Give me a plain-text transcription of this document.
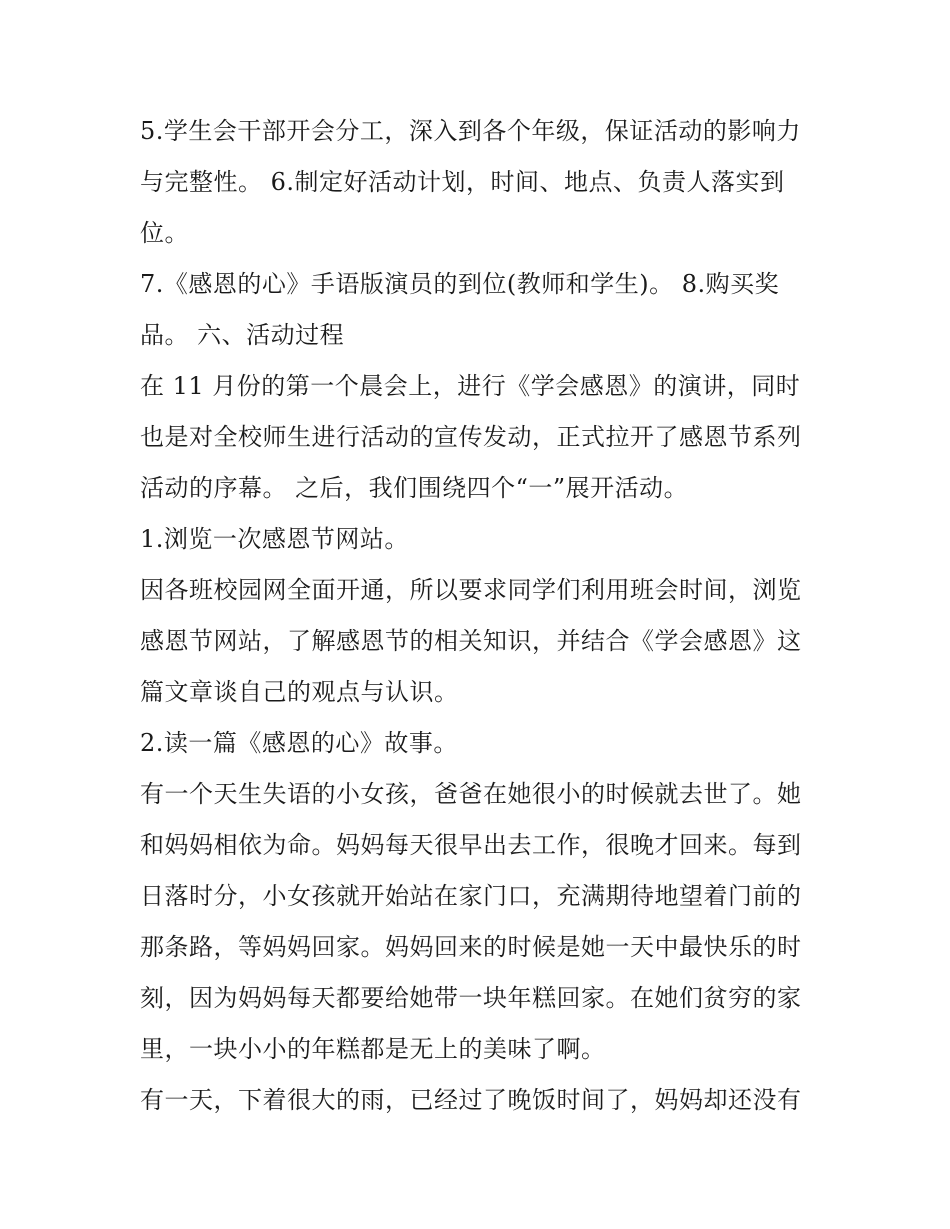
5.学生会干部开会分工，深入到各个年级，保证活动的影响力
与完整性。 6.制定好活动计划，时间、地点、负责人落实到
位。
7.《感恩的心》手语版演员的到位(教师和学生)。 8.购买奖
品。 六、活动过程
在 11 月份的第一个晨会上，进行《学会感恩》的演讲，同时
也是对全校师生进行活动的宣传发动，正式拉开了感恩节系列
活动的序幕。 之后，我们围绕四个“一”展开活动。
1.浏览一次感恩节网站。
因各班校园网全面开通，所以要求同学们利用班会时间，浏览
感恩节网站，了解感恩节的相关知识，并结合《学会感恩》这
篇文章谈自己的观点与认识。
2.读一篇《感恩的心》故事。
有一个天生失语的小女孩，爸爸在她很小的时候就去世了。她
和妈妈相依为命。妈妈每天很早出去工作，很晚才回来。每到
日落时分，小女孩就开始站在家门口，充满期待地望着门前的
那条路，等妈妈回家。妈妈回来的时候是她一天中最快乐的时
刻，因为妈妈每天都要给她带一块年糕回家。在她们贫穷的家
里，一块小小的年糕都是无上的美味了啊。
有一天，下着很大的雨，已经过了晚饭时间了，妈妈却还没有
